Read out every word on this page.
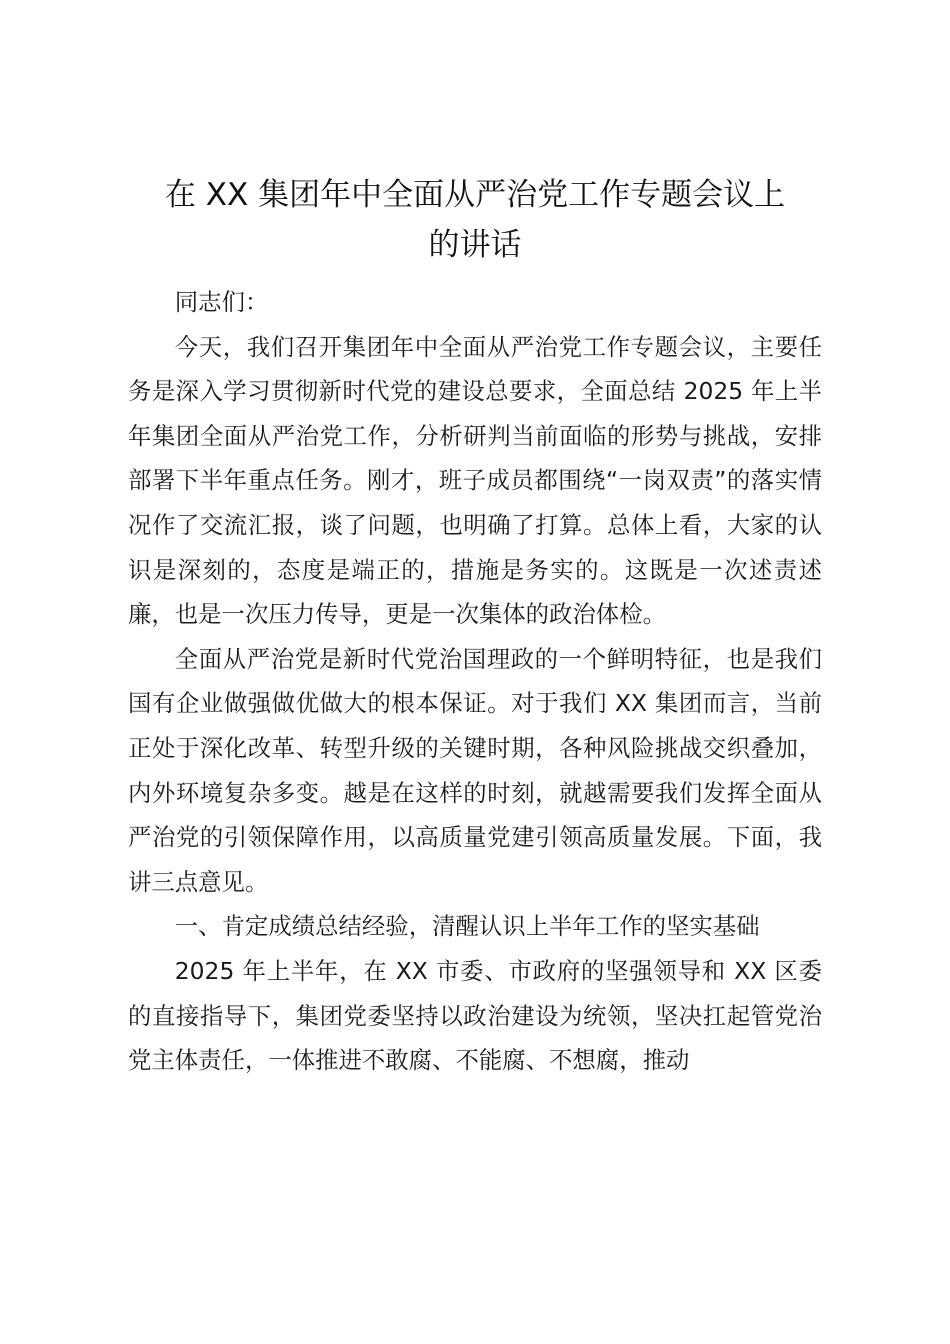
在 XX 集团年中全面从严治党工作专题会议上
的讲话

同志们：

今天，我们召开集团年中全面从严治党工作专题会议，主要任务是深入学习贯彻新时代党的建设总要求，全面总结 2025 年上半年集团全面从严治党工作，分析研判当前面临的形势与挑战，安排部署下半年重点任务。刚才，班子成员都围绕“一岗双责”的落实情况作了交流汇报，谈了问题，也明确了打算。总体上看，大家的认识是深刻的，态度是端正的，措施是务实的。这既是一次述责述廉，也是一次压力传导，更是一次集体的政治体检。

全面从严治党是新时代党治国理政的一个鲜明特征，也是我们国有企业做强做优做大的根本保证。对于我们 XX 集团而言，当前正处于深化改革、转型升级的关键时期，各种风险挑战交织叠加，内外环境复杂多变。越是在这样的时刻，就越需要我们发挥全面从严治党的引领保障作用，以高质量党建引领高质量发展。下面，我讲三点意见。

一、肯定成绩总结经验，清醒认识上半年工作的坚实基础

2025 年上半年，在 XX 市委、市政府的坚强领导和 XX 区委的直接指导下，集团党委坚持以政治建设为统领，坚决扛起管党治党主体责任，一体推进不敢腐、不能腐、不想腐，推动
